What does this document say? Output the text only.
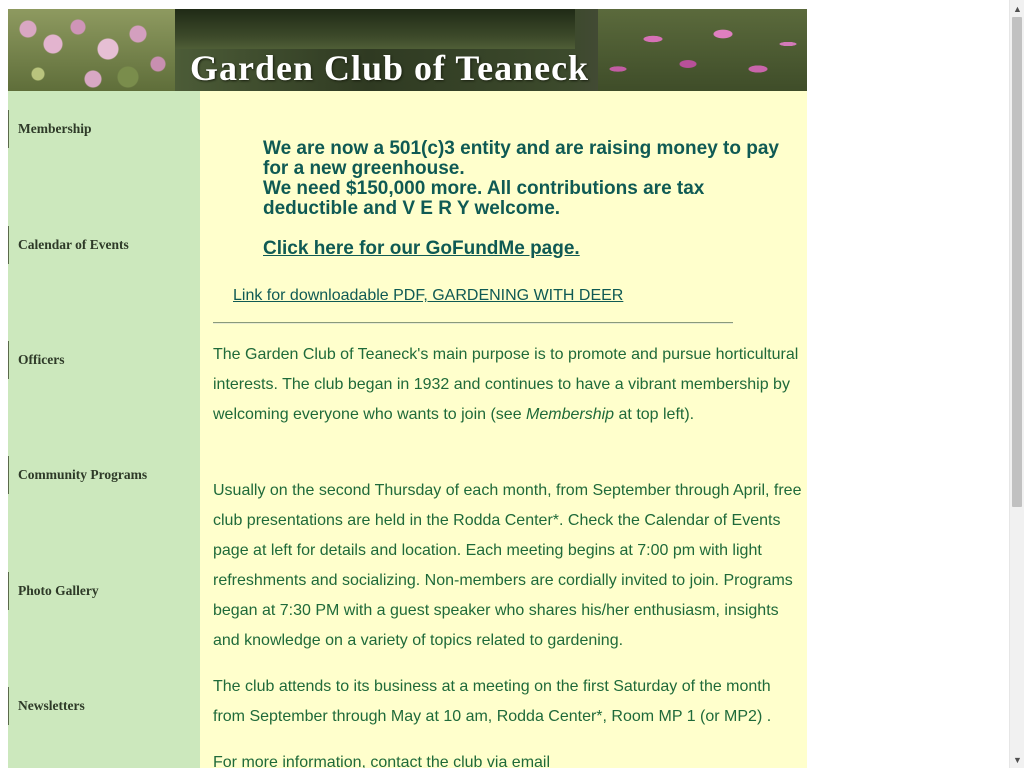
Garden Club of Teaneck
Membership
Calendar of Events
Officers
Community Programs
Photo Gallery
Newsletters
We are now a 501(c)3 entity and are raising money to pay for a new greenhouse.
We need $150,000 more. All contributions are tax deductible and V E R Y welcome.
Click here for our GoFundMe page.
Link for downloadable PDF, GARDENING WITH DEER
The Garden Club of Teaneck's main purpose is to promote and pursue horticultural interests. The club began in 1932 and continues to have a vibrant membership by welcoming everyone who wants to join (see Membership at top left).
Usually on the second Thursday of each month, from September through April, free club presentations are held in the Rodda Center*. Check the Calendar of Events page at left for details and location. Each meeting begins at 7:00 pm with light refreshments and socializing. Non-members are cordially invited to join. Programs began at 7:30 PM with a guest speaker who shares his/her enthusiasm, insights and knowledge on a variety of topics related to gardening.
The club attends to its business at a meeting on the first Saturday of the month from September through May at 10 am, Rodda Center*, Room MP 1 (or MP2) .
For more information, contact the club via email
▲
▼
